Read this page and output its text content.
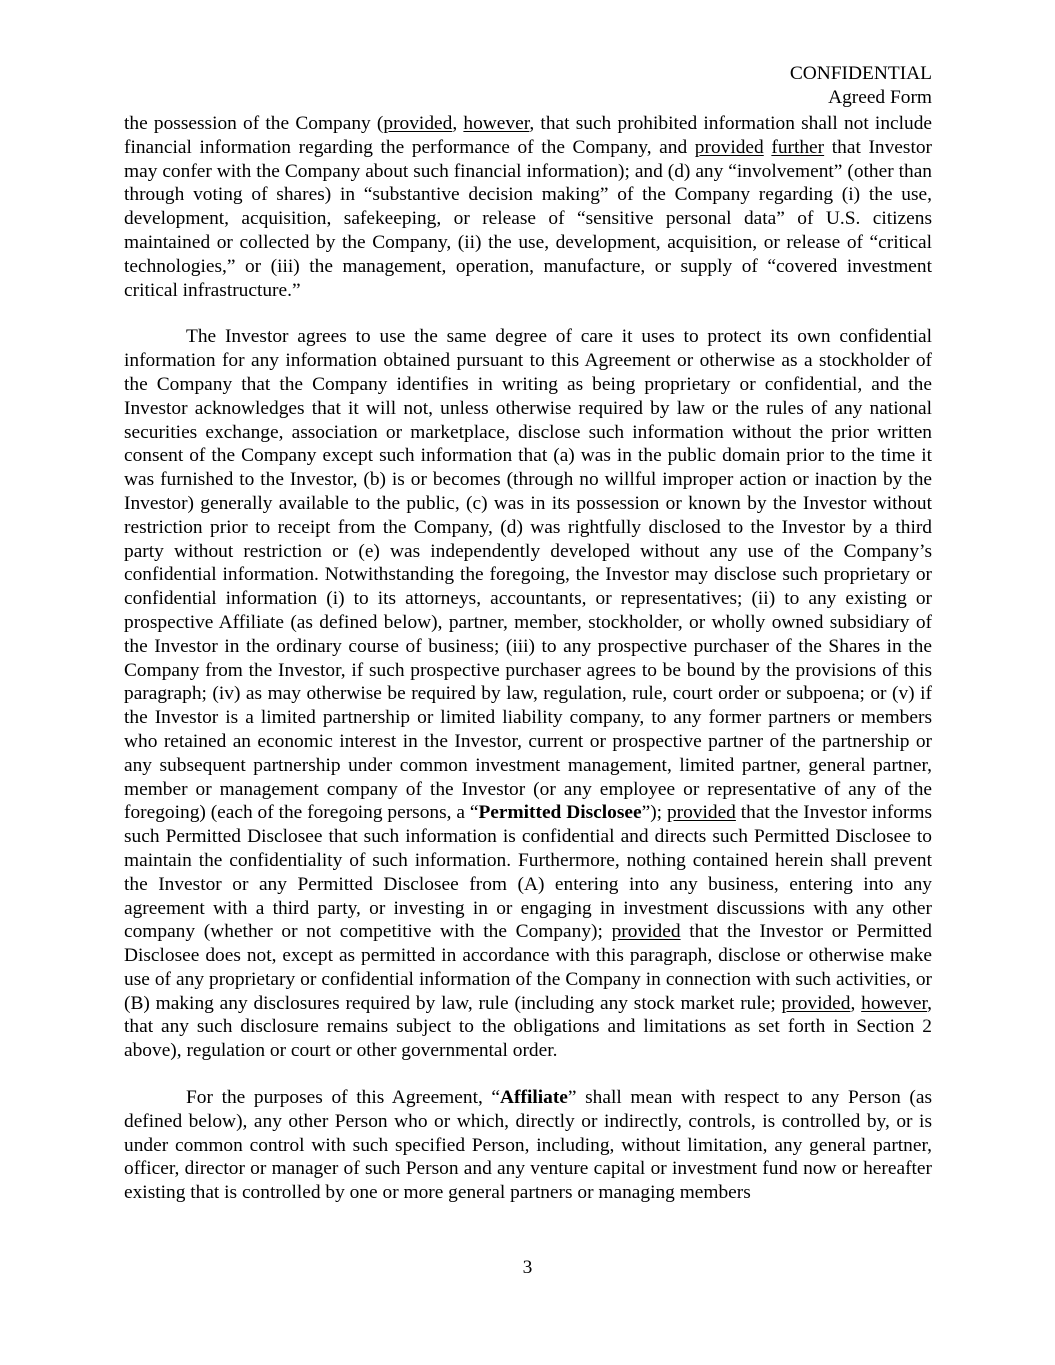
CONFIDENTIAL
Agreed Form

the possession of the Company (provided, however, that such prohibited information shall not include financial information regarding the performance of the Company, and provided further that Investor may confer with the Company about such financial information); and (d) any “involvement” (other than through voting of shares) in “substantive decision making” of the Company regarding (i) the use, development, acquisition, safekeeping, or release of “sensitive personal data” of U.S. citizens maintained or collected by the Company, (ii) the use, development, acquisition, or release of “critical technologies,” or (iii) the management, operation, manufacture, or supply of “covered investment critical infrastructure.”

The Investor agrees to use the same degree of care it uses to protect its own confidential information for any information obtained pursuant to this Agreement or otherwise as a stockholder of the Company that the Company identifies in writing as being proprietary or confidential, and the Investor acknowledges that it will not, unless otherwise required by law or the rules of any national securities exchange, association or marketplace, disclose such information without the prior written consent of the Company except such information that (a) was in the public domain prior to the time it was furnished to the Investor, (b) is or becomes (through no willful improper action or inaction by the Investor) generally available to the public, (c) was in its possession or known by the Investor without restriction prior to receipt from the Company, (d) was rightfully disclosed to the Investor by a third party without restriction or (e) was independently developed without any use of the Company’s confidential information. Notwithstanding the foregoing, the Investor may disclose such proprietary or confidential information (i) to its attorneys, accountants, or representatives; (ii) to any existing or prospective Affiliate (as defined below), partner, member, stockholder, or wholly owned subsidiary of the Investor in the ordinary course of business; (iii) to any prospective purchaser of the Shares in the Company from the Investor, if such prospective purchaser agrees to be bound by the provisions of this paragraph; (iv) as may otherwise be required by law, regulation, rule, court order or subpoena; or (v) if the Investor is a limited partnership or limited liability company, to any former partners or members who retained an economic interest in the Investor, current or prospective partner of the partnership or any subsequent partnership under common investment management, limited partner, general partner, member or management company of the Investor (or any employee or representative of any of the foregoing) (each of the foregoing persons, a “Permitted Disclosee”); provided that the Investor informs such Permitted Disclosee that such information is confidential and directs such Permitted Disclosee to maintain the confidentiality of such information. Furthermore, nothing contained herein shall prevent the Investor or any Permitted Disclosee from (A) entering into any business, entering into any agreement with a third party, or investing in or engaging in investment discussions with any other company (whether or not competitive with the Company); provided that the Investor or Permitted Disclosee does not, except as permitted in accordance with this paragraph, disclose or otherwise make use of any proprietary or confidential information of the Company in connection with such activities, or (B) making any disclosures required by law, rule (including any stock market rule; provided, however, that any such disclosure remains subject to the obligations and limitations as set forth in Section 2 above), regulation or court or other governmental order.

For the purposes of this Agreement, “Affiliate” shall mean with respect to any Person (as defined below), any other Person who or which, directly or indirectly, controls, is controlled by, or is under common control with such specified Person, including, without limitation, any general partner, officer, director or manager of such Person and any venture capital or investment fund now or hereafter existing that is controlled by one or more general partners or managing members

3
